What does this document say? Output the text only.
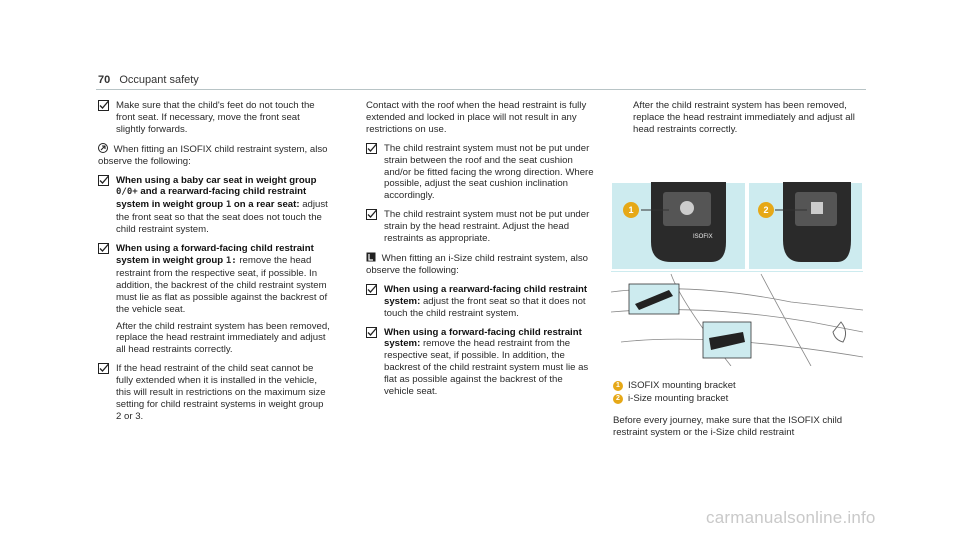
70 Occupant safety
Make sure that the child's feet do not touch the front seat. If necessary, move the front seat slightly forwards.
When fitting an ISOFIX child restraint system, also observe the following:
When using a baby car seat in weight group 0/0+ and a rearward-facing child restraint system in weight group 1 on a rear seat: adjust the front seat so that the seat does not touch the child restraint system.
When using a forward-facing child restraint system in weight group 1: remove the head restraint from the respective seat, if possible. In addition, the backrest of the child restraint system must lie as flat as possible against the backrest of the vehicle seat.
After the child restraint system has been removed, replace the head restraint immediately and adjust all head restraints correctly.
If the head restraint of the child seat cannot be fully extended when it is installed in the vehicle, this will result in restrictions on the maximum size setting for child restraint systems in weight group 2 or 3.
Contact with the roof when the head restraint is fully extended and locked in place will not result in any restrictions on use.
The child restraint system must not be put under strain between the roof and the seat cushion and/or be fitted facing the wrong direction. Where possible, adjust the seat cushion inclination accordingly.
The child restraint system must not be put under strain by the head restraint. Adjust the head restraints as appropriate.
When fitting an i-Size child restraint system, also observe the following:
When using a rearward-facing child restraint system: adjust the front seat so that it does not touch the child restraint system.
When using a forward-facing child restraint system: remove the head restraint from the respective seat, if possible. In addition, the backrest of the child restraint system must lie as flat as possible against the backrest of the vehicle seat.
After the child restraint system has been removed, replace the head restraint immediately and adjust all head restraints correctly.
ISOFIX
1	2
1 ISOFIX mounting bracket
2 i-Size mounting bracket
Before every journey, make sure that the ISOFIX child restraint system or the i-Size child restraint
carmanualsonline.info
